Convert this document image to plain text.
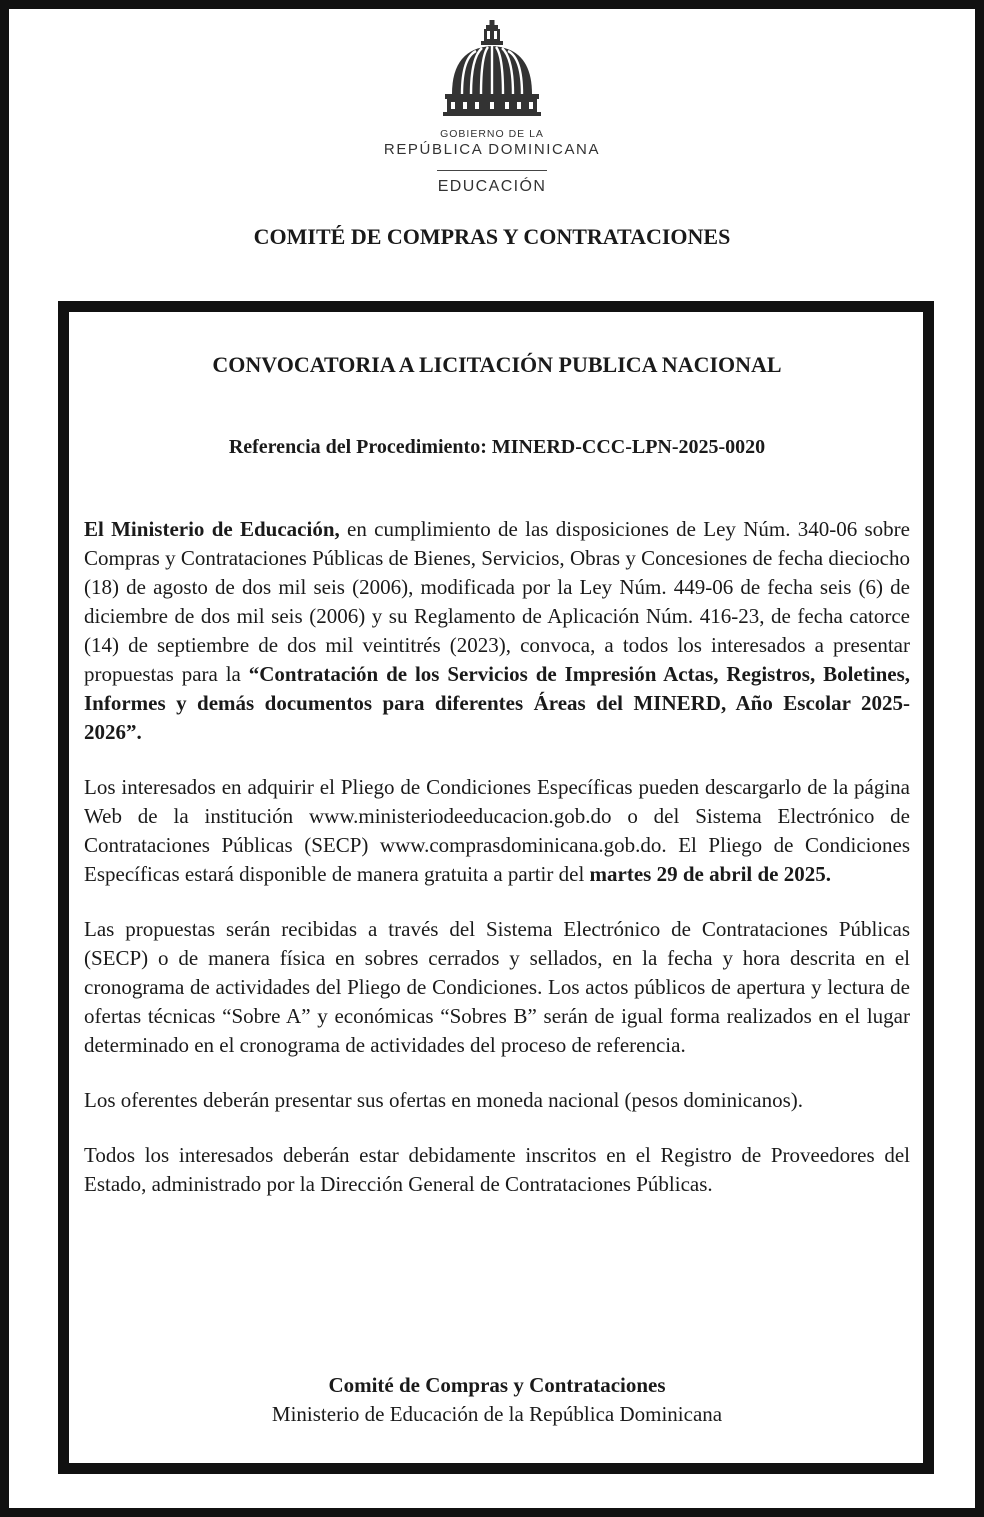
GOBIERNO DE LA
REPÚBLICA DOMINICANA
EDUCACIÓN
COMITÉ DE COMPRAS Y CONTRATACIONES
CONVOCATORIA A LICITACIÓN PUBLICA NACIONAL
Referencia del Procedimiento: MINERD-CCC-LPN-2025-0020

El Ministerio de Educación, en cumplimiento de las disposiciones de Ley Núm. 340-06 sobre Compras y Contrataciones Públicas de Bienes, Servicios, Obras y Concesiones de fecha dieciocho (18) de agosto de dos mil seis (2006), modificada por la Ley Núm. 449-06 de fecha seis (6) de diciembre de dos mil seis (2006) y su Reglamento de Aplicación Núm. 416-23, de fecha catorce (14) de septiembre de dos mil veintitrés (2023), convoca, a todos los interesados a presentar propuestas para la “Contratación de los Servicios de Impresión Actas, Registros, Boletines, Informes y demás documentos para diferentes Áreas del MINERD, Año Escolar 2025-2026”.

Los interesados en adquirir el Pliego de Condiciones Específicas pueden descargarlo de la página Web de la institución www.ministeriodeeducacion.gob.do o del Sistema Electrónico de Contrataciones Públicas (SECP) www.comprasdominicana.gob.do. El Pliego de Condiciones Específicas estará disponible de manera gratuita a partir del martes 29 de abril de 2025.

Las propuestas serán recibidas a través del Sistema Electrónico de Contrataciones Públicas (SECP) o de manera física en sobres cerrados y sellados, en la fecha y hora descrita en el cronograma de actividades del Pliego de Condiciones. Los actos públicos de apertura y lectura de ofertas técnicas “Sobre A” y económicas “Sobres B” serán de igual forma realizados en el lugar determinado en el cronograma de actividades del proceso de referencia.

Los oferentes deberán presentar sus ofertas en moneda nacional (pesos dominicanos).

Todos los interesados deberán estar debidamente inscritos en el Registro de Proveedores del Estado, administrado por la Dirección General de Contrataciones Públicas.

Comité de Compras y Contrataciones
Ministerio de Educación de la República Dominicana
